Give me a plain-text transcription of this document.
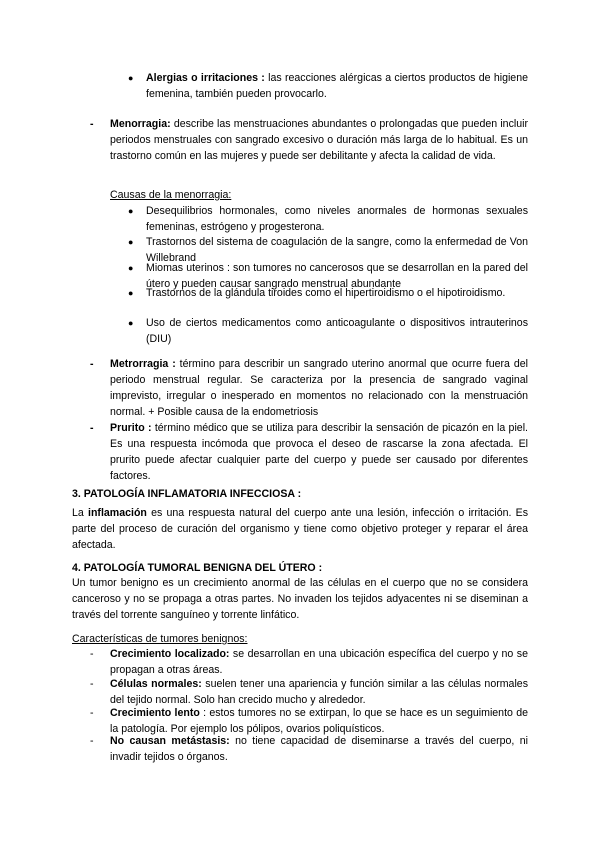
●	Alergias o irritaciones : las reacciones alérgicas a ciertos productos de higiene femenina, también pueden provocarlo.
-	Menorragia: describe las menstruaciones abundantes o prolongadas que pueden incluir periodos menstruales con sangrado excesivo o duración más larga de lo habitual. Es un trastorno común en las mujeres y puede ser debilitante y afecta la calidad de vida.
Causas de la menorragia:
●	Desequilibrios hormonales, como niveles anormales de hormonas sexuales femeninas, estrógeno y progesterona.
●	Trastornos del sistema de coagulación de la sangre, como la enfermedad de Von Willebrand
●	Miomas uterinos : son tumores no cancerosos que se desarrollan en la pared del útero y pueden causar sangrado menstrual abundante
●	Trastornos de la glándula tiroides como el hipertiroidismo o el hipotiroidismo.
●	Uso de ciertos medicamentos como anticoagulante o dispositivos intrauterinos (DIU)
-	Metrorragia : término para describir un sangrado uterino anormal que ocurre fuera del periodo menstrual regular. Se caracteriza por la presencia de sangrado vaginal imprevisto, irregular o inesperado en momentos no relacionado con la menstruación normal. + Posible causa de la endometriosis
-	Prurito : término médico que se utiliza para describir la sensación de picazón en la piel. Es una respuesta incómoda que provoca el deseo de rascarse la zona afectada. El prurito puede afectar cualquier parte del cuerpo y puede ser causado por diferentes factores.
3. PATOLOGÍA INFLAMATORIA INFECCIOSA :
La inflamación es una respuesta natural del cuerpo ante una lesión, infección o irritación. Es parte del proceso de curación del organismo y tiene como objetivo proteger y reparar el área afectada.
4. PATOLOGÍA TUMORAL BENIGNA DEL ÚTERO :
Un tumor benigno es un crecimiento anormal de las células en el cuerpo que no se considera canceroso y no se propaga a otras partes. No invaden los tejidos adyacentes ni se diseminan a través del torrente sanguíneo y torrente linfático.
Características de tumores benignos:
-	Crecimiento localizado: se desarrollan en una ubicación específica del cuerpo y no se propagan a otras áreas.
-	Células normales: suelen tener una apariencia y función similar a las células normales del tejido normal. Solo han crecido mucho y alrededor.
-	Crecimiento lento : estos tumores no se extirpan, lo que se hace es un seguimiento de la patología. Por ejemplo los pólipos, ovarios poliquísticos.
-	No causan metástasis: no tiene capacidad de diseminarse a través del cuerpo, ni invadir tejidos o órganos.
